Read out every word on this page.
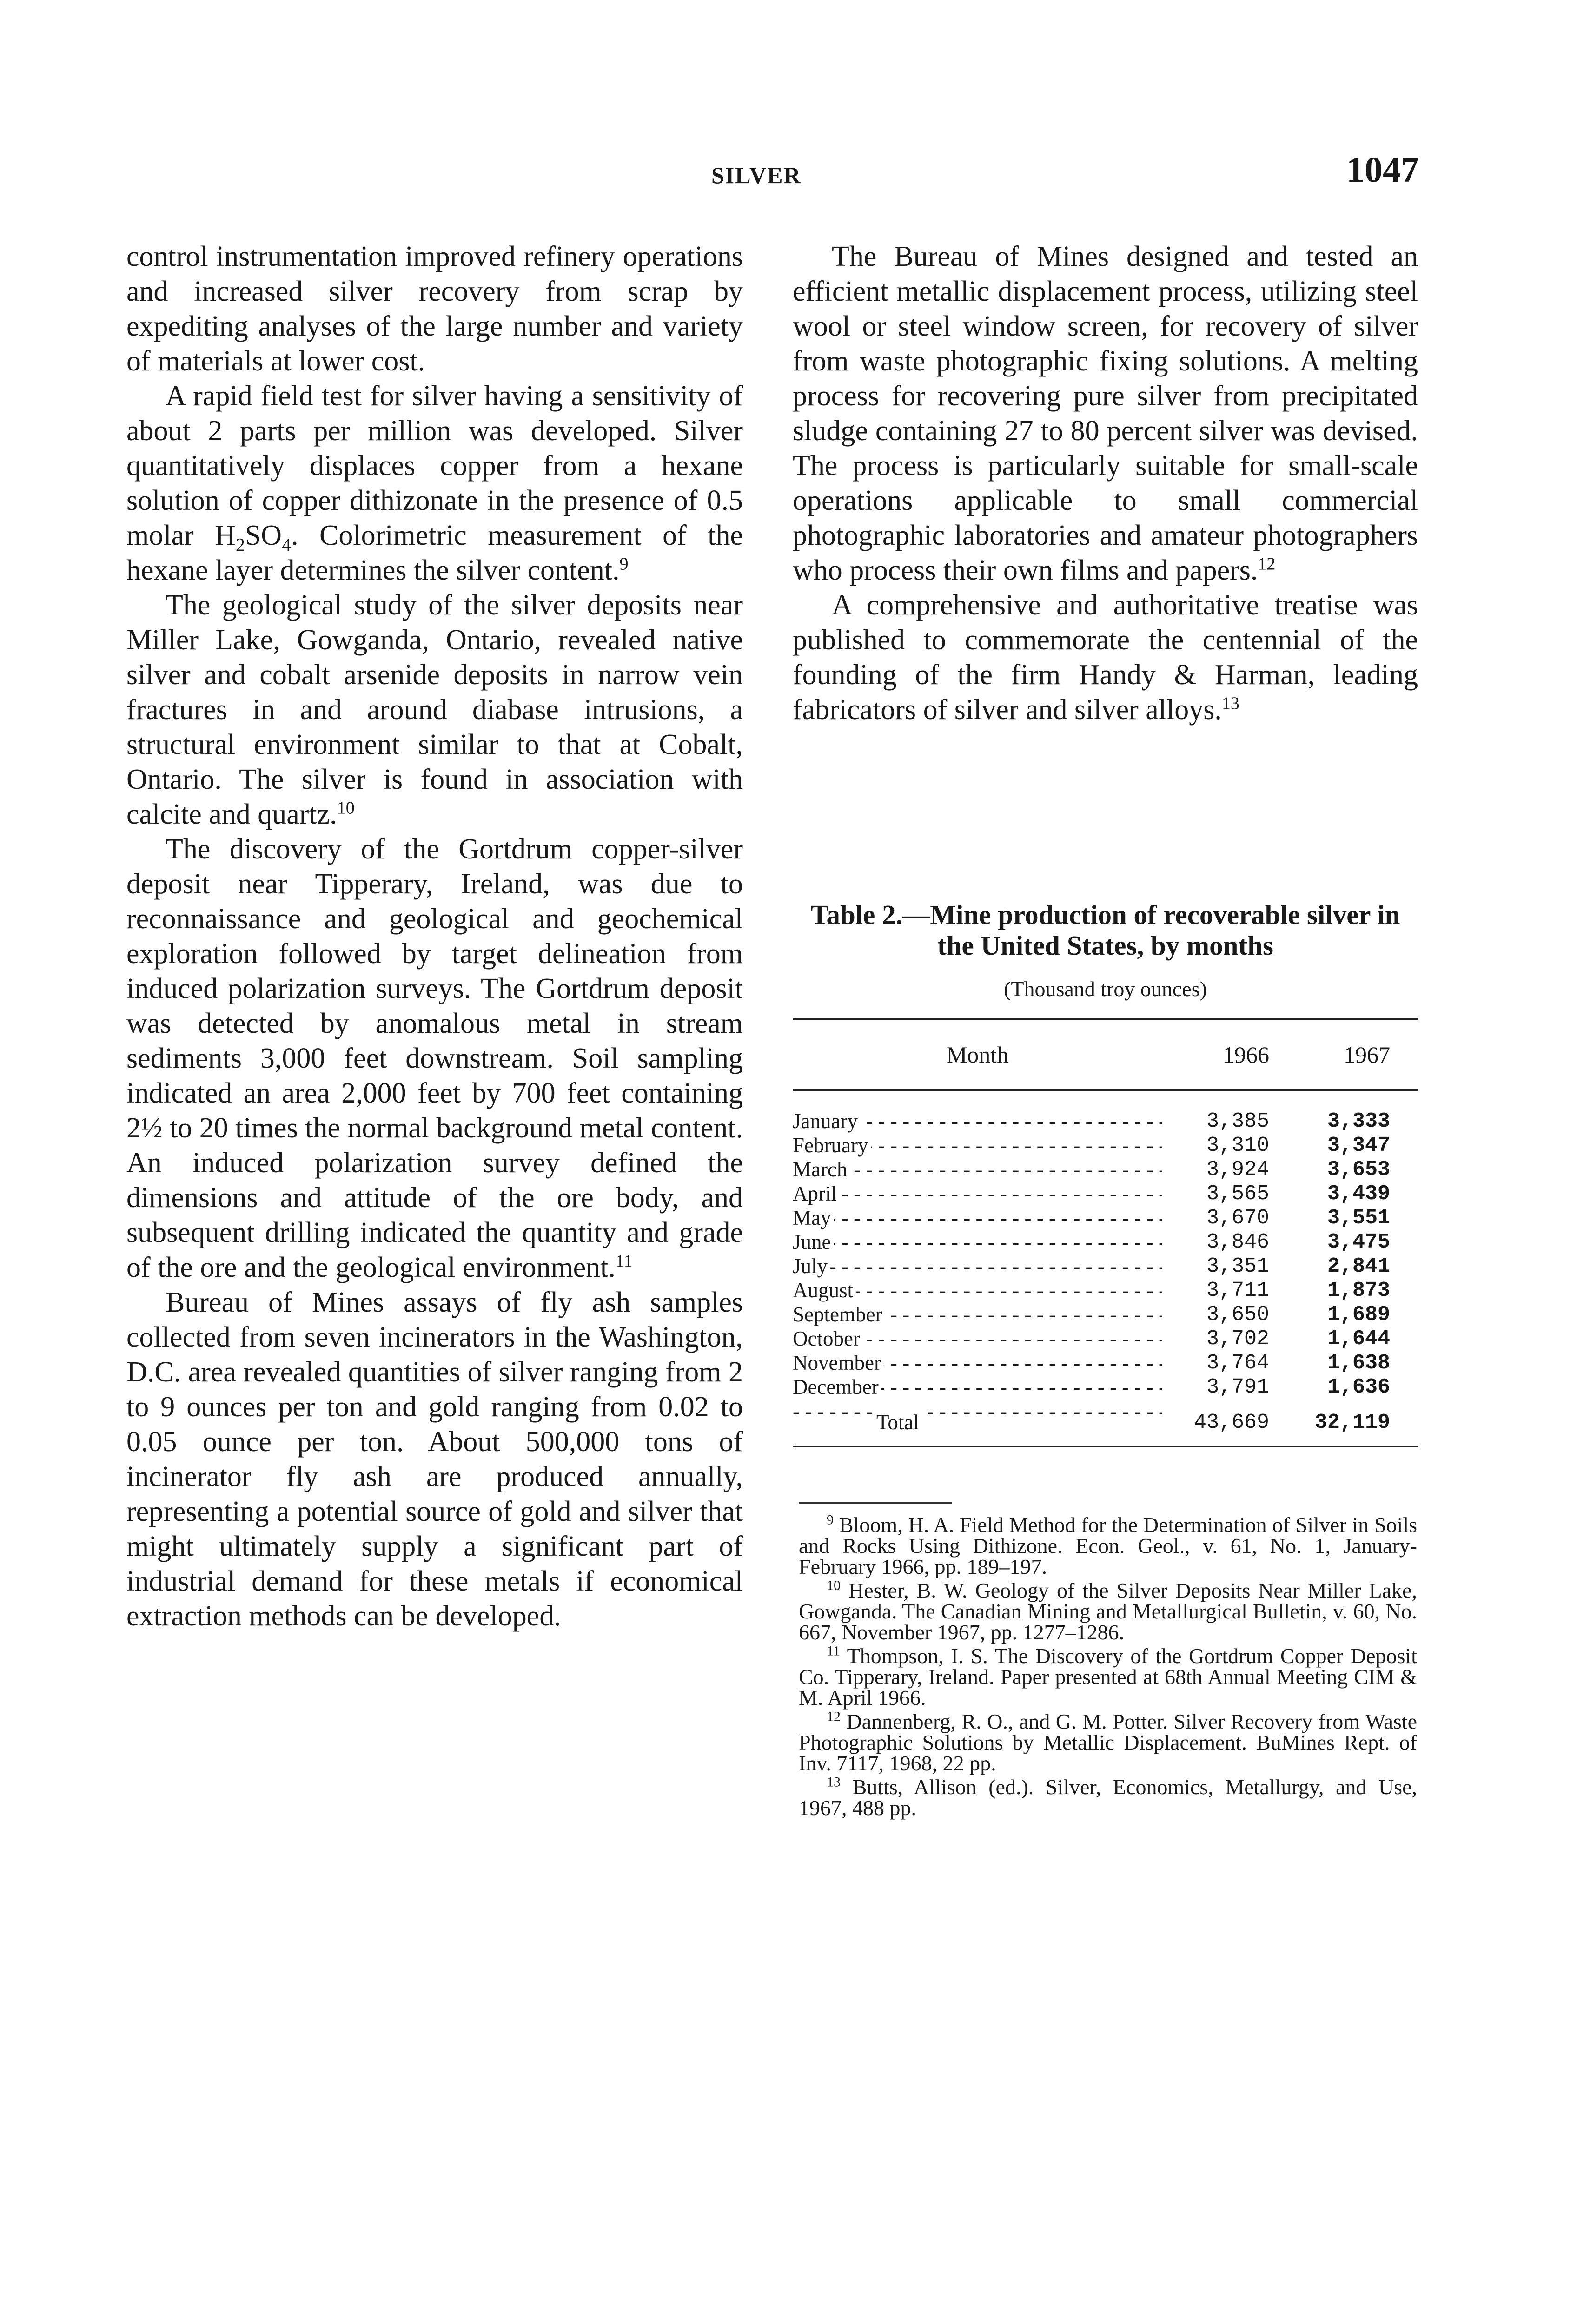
SILVER	1047

control instrumentation improved refinery operations and increased silver recovery from scrap by expediting analyses of the large number and variety of materials at lower cost.

A rapid field test for silver having a sensitivity of about 2 parts per million was developed. Silver quantitatively displaces copper from a hexane solution of copper dithizonate in the presence of 0.5 molar $H_2SO_4$. Colorimetric measurement of the hexane layer determines the silver content.$^9$

The geological study of the silver deposits near Miller Lake, Gowganda, Ontario, revealed native silver and cobalt arsenide deposits in narrow vein fractures in and around diabase intrusions, a structural environment similar to that at Cobalt, Ontario. The silver is found in association with calcite and quartz.$^{10}$

The discovery of the Gortdrum copper-silver deposit near Tipperary, Ireland, was due to reconnaissance and geological and geochemical exploration followed by target delineation from induced polarization surveys. The Gortdrum deposit was detected by anomalous metal in stream sediments 3,000 feet downstream. Soil sampling indicated an area 2,000 feet by 700 feet containing 2½ to 20 times the normal background metal content. An induced polarization survey defined the dimensions and attitude of the ore body, and subsequent drilling indicated the quantity and grade of the ore and the geological environment.$^{11}$

Bureau of Mines assays of fly ash samples collected from seven incinerators in the Washington, D.C. area revealed quantities of silver ranging from 2 to 9 ounces per ton and gold ranging from 0.02 to 0.05 ounce per ton. About 500,000 tons of incinerator fly ash are produced annually, representing a potential source of gold and silver that might ultimately supply a significant part of industrial demand for these metals if economical extraction methods can be developed.

The Bureau of Mines designed and tested an efficient metallic displacement process, utilizing steel wool or steel window screen, for recovery of silver from waste photographic fixing solutions. A melting process for recovering pure silver from precipitated sludge containing 27 to 80 percent silver was devised. The process is particularly suitable for small-scale operations applicable to small commercial photographic laboratories and amateur photographers who process their own films and papers.$^{12}$

A comprehensive and authoritative treatise was published to commemorate the centennial of the founding of the firm Handy & Harman, leading fabricators of silver and silver alloys.$^{13}$

Table 2.—Mine production of recoverable silver in the United States, by months
(Thousand troy ounces)
Month	1966	1967

January - - -	3,385	3,333
February - - -	3,310	3,347
March - - -	3,924	3,653
April - - -	3,565	3,439
May - - -	3,670	3,551
June - - -	3,846	3,475
July - - -	3,351	2,841
August - - -	3,711	1,873
September - - -	3,650	1,689
October - - -	3,702	1,644
November - - -	3,764	1,638
December - - -	3,791	1,636
Total - - -	43,669	32,119

$^9$ Bloom, H. A. Field Method for the Determination of Silver in Soils and Rocks Using Dithizone. Econ. Geol., v. 61, No. 1, January-February 1966, pp. 189–197.

$^{10}$ Hester, B. W. Geology of the Silver Deposits Near Miller Lake, Gowganda. The Canadian Mining and Metallurgical Bulletin, v. 60, No. 667, November 1967, pp. 1277–1286.

$^{11}$ Thompson, I. S. The Discovery of the Gortdrum Copper Deposit Co. Tipperary, Ireland. Paper presented at 68th Annual Meeting CIM & M. April 1966.

$^{12}$ Dannenberg, R. O., and G. M. Potter. Silver Recovery from Waste Photographic Solutions by Metallic Displacement. BuMines Rept. of Inv. 7117, 1968, 22 pp.

$^{13}$ Butts, Allison (ed.). Silver, Economics, Metallurgy, and Use, 1967, 488 pp.
